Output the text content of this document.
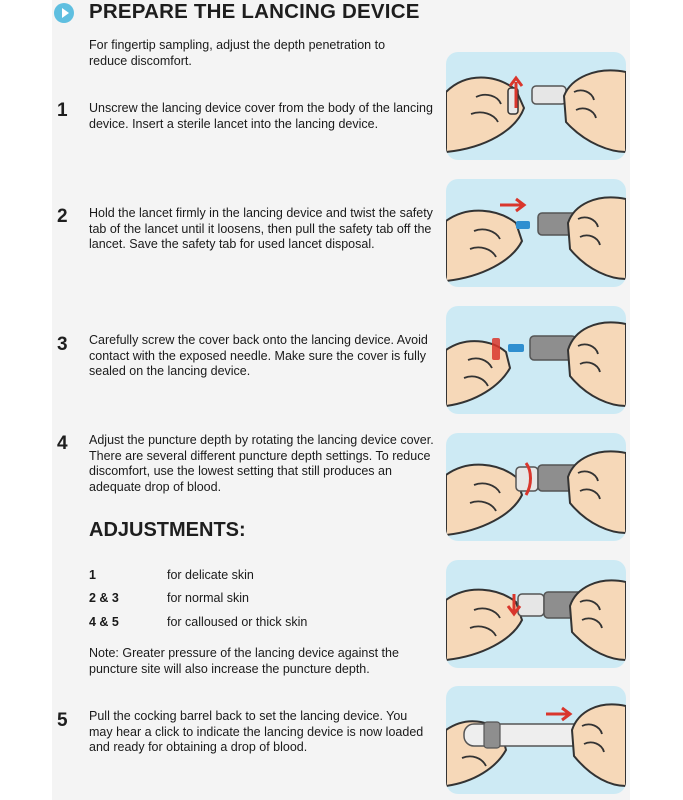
PREPARE THE LANCING DEVICE
For fingertip sampling, adjust the depth penetration to reduce discomfort.
1 Unscrew the lancing device cover from the body of the lancing device. Insert a sterile lancet into the lancing device.
2 Hold the lancet firmly in the lancing device and twist the safety tab of the lancet until it loosens, then pull the safety tab off the lancet. Save the safety tab for used lancet disposal.
3 Carefully screw the cover back onto the lancing device. Avoid contact with the exposed needle. Make sure the cover is fully sealed on the lancing device.
4 Adjust the puncture depth by rotating the lancing device cover. There are several different puncture depth settings. To reduce discomfort, use the lowest setting that still produces an adequate drop of blood.
ADJUSTMENTS:
1	for delicate skin
2 & 3	for normal skin
4 & 5	for calloused or thick skin
Note: Greater pressure of the lancing device against the puncture site will also increase the puncture depth.
5 Pull the cocking barrel back to set the lancing device. You may hear a click to indicate the lancing device is now loaded and ready for obtaining a drop of blood.
